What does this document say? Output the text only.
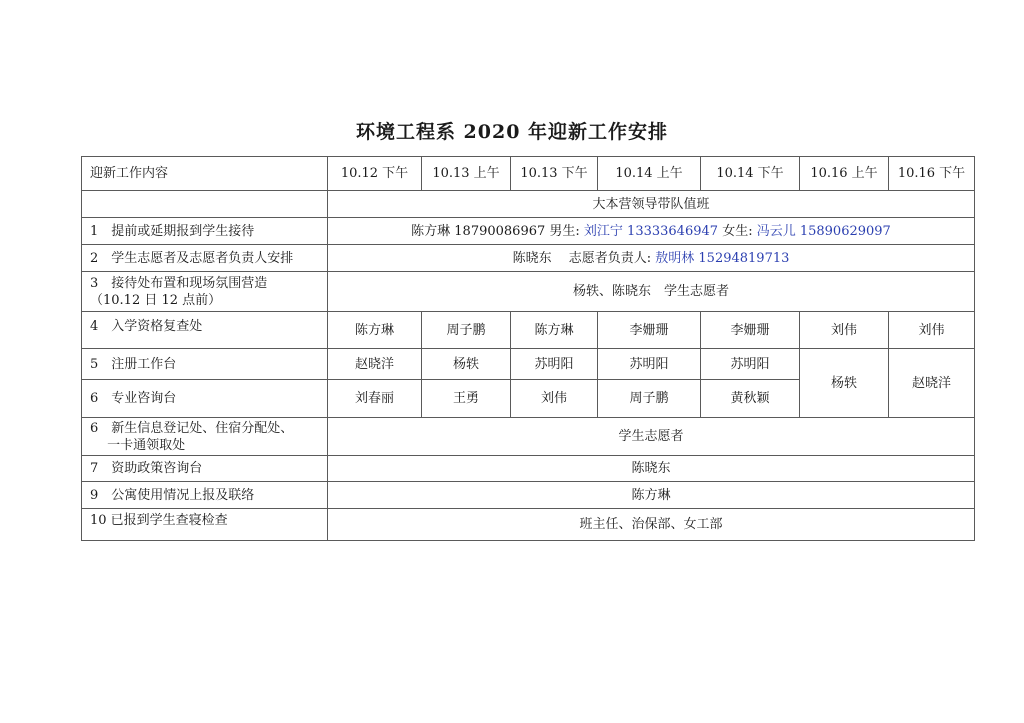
环境工程系 2020 年迎新工作安排
迎新工作内容	10.12 下午	10.13 上午	10.13 下午	10.14 上午	10.14 下午	10.16 上午	10.16 下午
	大本营领导带队值班						
1　提前或延期报到学生接待	陈方琳 18790086967 男生: 刘江宁 13333646947 女生: 冯云儿 15890629097						
2　学生志愿者及志愿者负责人安排	陈晓东　 志愿者负责人: 敖明林 15294819713						

3　接待处布置和现场氛围营造
（10.12 日 12 点前）	杨轶、陈晓东　学生志愿者						
4　入学资格复查处	陈方琳	周子鹏	陈方琳	李姗珊	李姗珊	刘伟	刘伟
5　注册工作台	赵晓洋	杨轶	苏明阳	苏明阳	苏明阳	杨轶	赵晓洋
6　专业咨询台	刘春丽	王勇	刘伟	周子鹏	黄秋颖		

6　新生信息登记处、住宿分配处、
　 一卡通领取处	学生志愿者						
7　资助政策咨询台	陈晓东						
9　公寓使用情况上报及联络	陈方琳						
10 已报到学生查寝检查	班主任、治保部、女工部						
